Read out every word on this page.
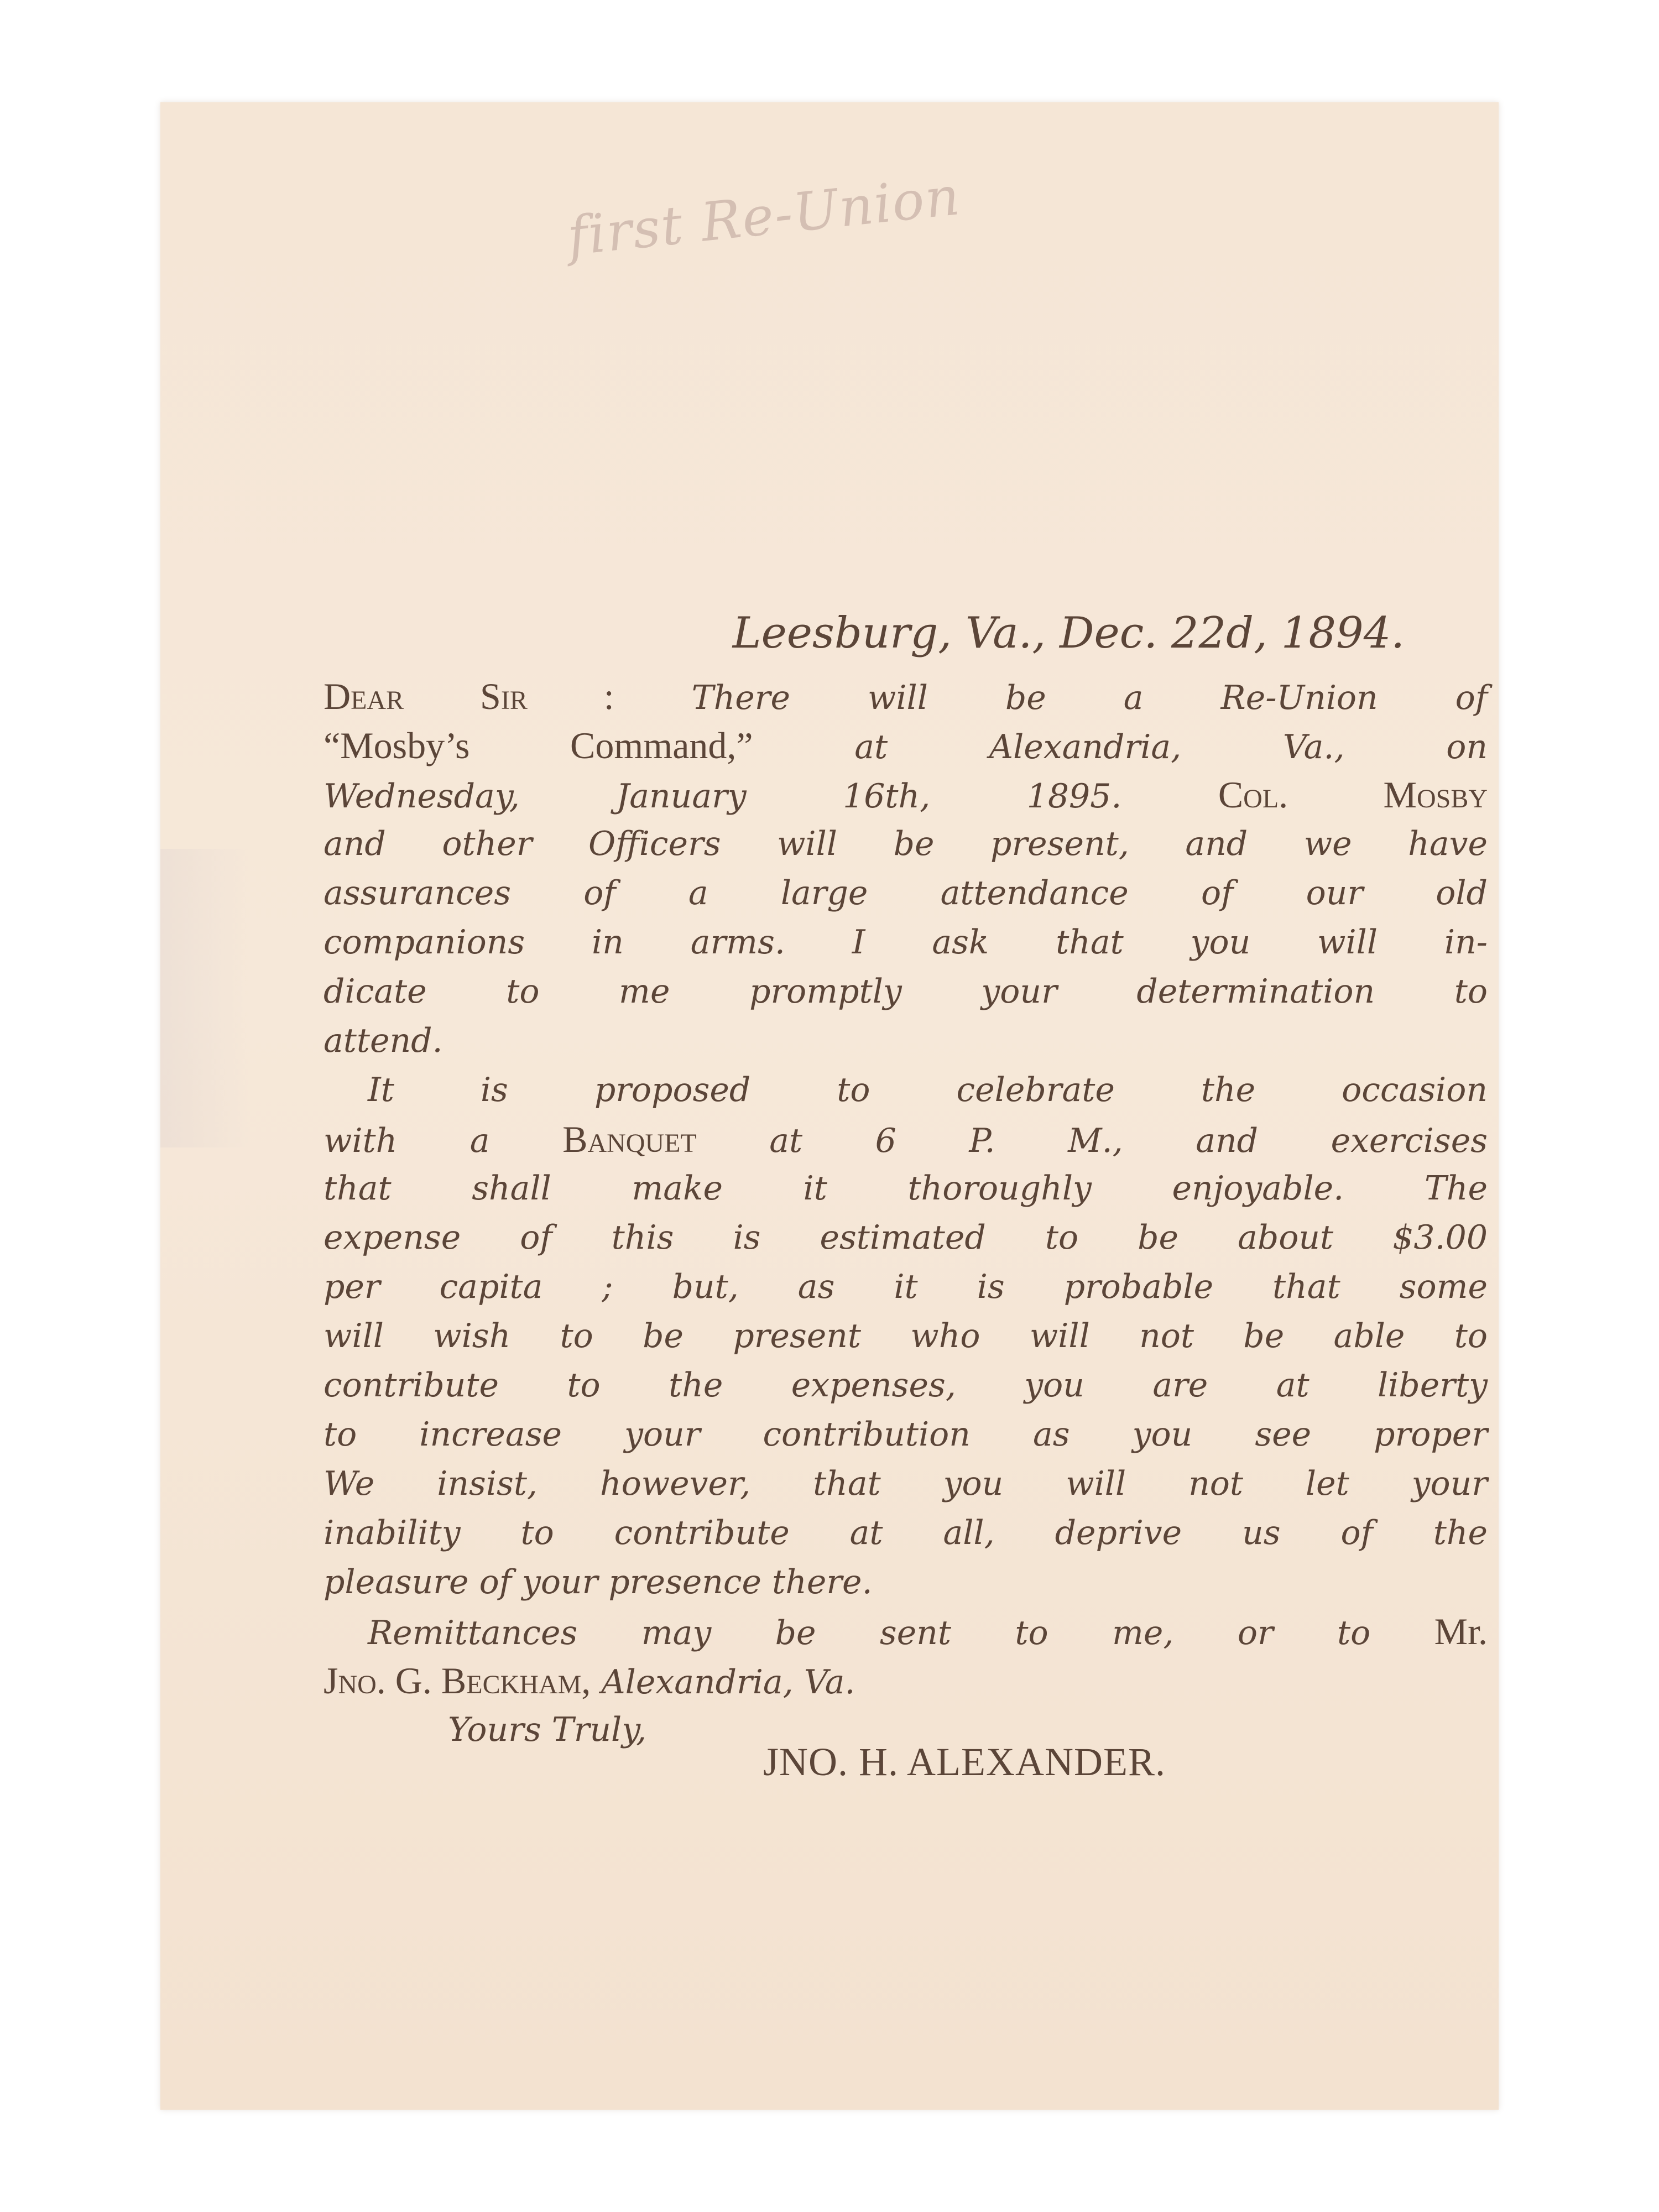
first Re-Union
Leesburg, Va., Dec. 22d, 1894.
Dear Sir : There will be a Re-Union of
“Mosby’s Command,”	at Alexandria, Va., on
Wednesday, January 16th, 1895.	Col. Mosby
and other Officers will be present, and we have
assurances of a large attendance of our old
companions in arms. I ask that you will in-
dicate to me promptly your determination to
attend.
It is proposed to celebrate the occasion
with a Banquet at 6 P. M., and exercises
that shall make it thoroughly enjoyable. The
expense of this is estimated to be about $3.00
per capita ; but, as it is probable that some
will wish to be present who will not be able to
contribute to the expenses, you are at liberty
to increase your contribution as you see proper
We insist, however, that you will not let your
inability to contribute at all, deprive us of the
pleasure of your presence there.
Remittances may be sent to me, or to Mr.
Jno. G. Beckham, Alexandria, Va.
Yours Truly,
JNO. H. ALEXANDER.
